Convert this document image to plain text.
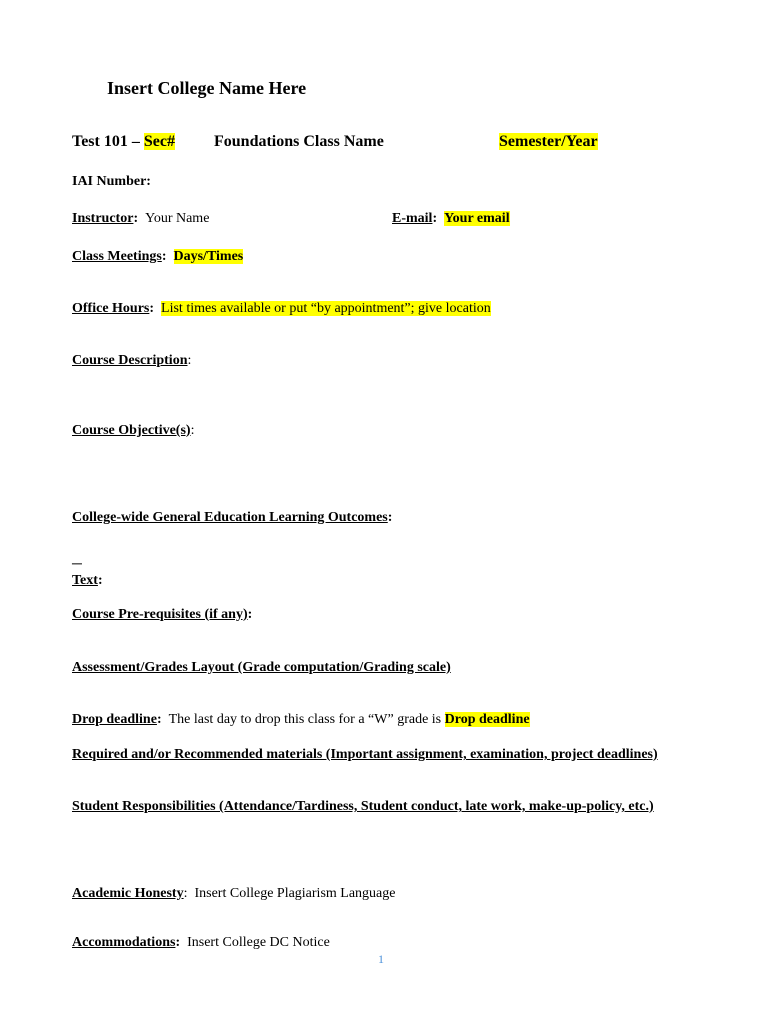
Insert College Name Here
Test 101 – Sec# Foundations Class Name	Semester/Year
IAI Number:
Instructor: Your Name	E-mail: Your email
Class Meetings: Days/Times
Office Hours: List times available or put “by appointment”; give location
Course Description:
Course Objective(s):
College-wide General Education Learning Outcomes:
─
Text:
Course Pre-requisites (if any):
Assessment/Grades Layout (Grade computation/Grading scale)
Drop deadline: The last day to drop this class for a “W” grade is Drop deadline
Required and/or Recommended materials (Important assignment, examination, project deadlines)
Student Responsibilities (Attendance/Tardiness, Student conduct, late work, make-up-policy, etc.)
Academic Honesty: Insert College Plagiarism Language
Accommodations: Insert College DC Notice
1
